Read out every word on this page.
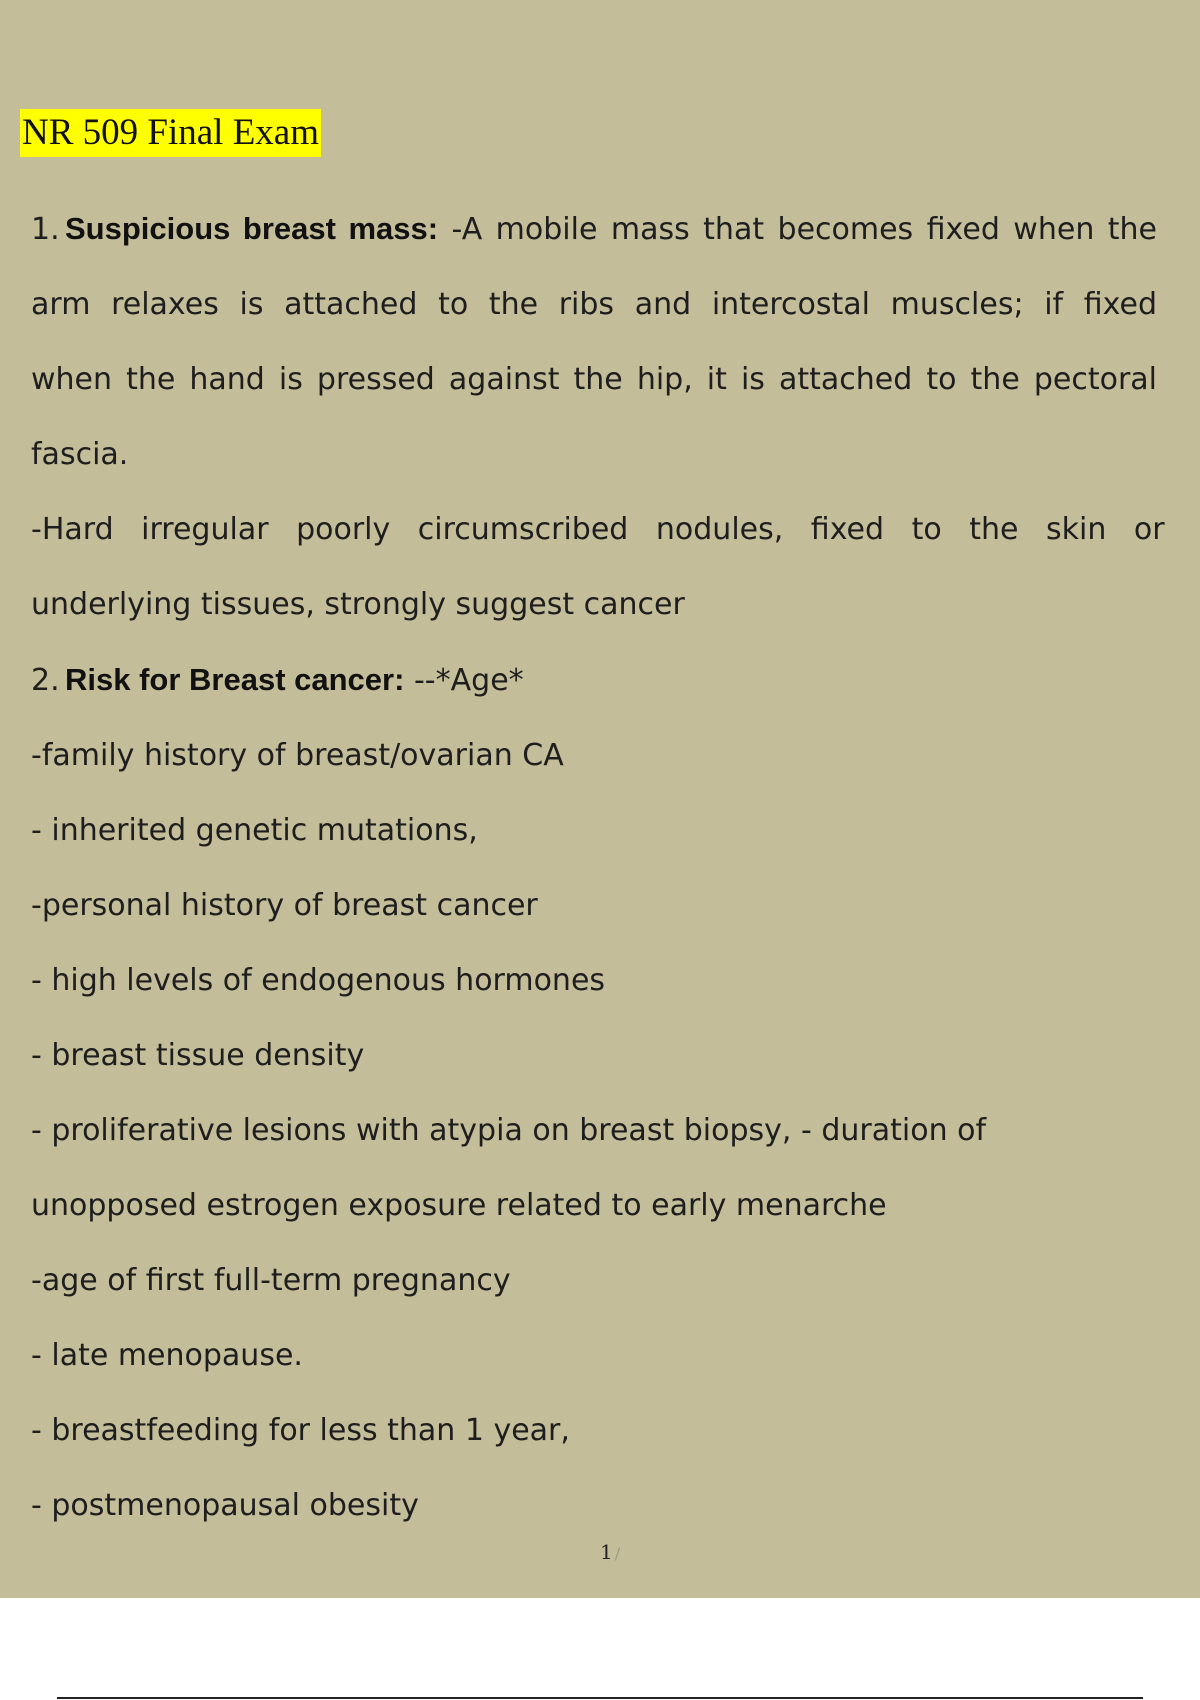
NR 509 Final Exam

1. Suspicious breast mass: -A mobile mass that becomes fixed when the arm relaxes is attached to the ribs and intercostal muscles; if fixed when the hand is pressed against the hip, it is attached to the pectoral fascia.

-Hard irregular poorly circumscribed nodules, fixed to the skin or

underlying tissues, strongly suggest cancer

2. Risk for Breast cancer: --*Age*

-family history of breast/ovarian CA

- inherited genetic mutations,

-personal history of breast cancer

- high levels of endogenous hormones

- breast tissue density

- proliferative lesions with atypia on breast biopsy, - duration of

unopposed estrogen exposure related to early menarche

-age of first full-term pregnancy

- late menopause.

- breastfeeding for less than 1 year,

- postmenopausal obesity

1 /
